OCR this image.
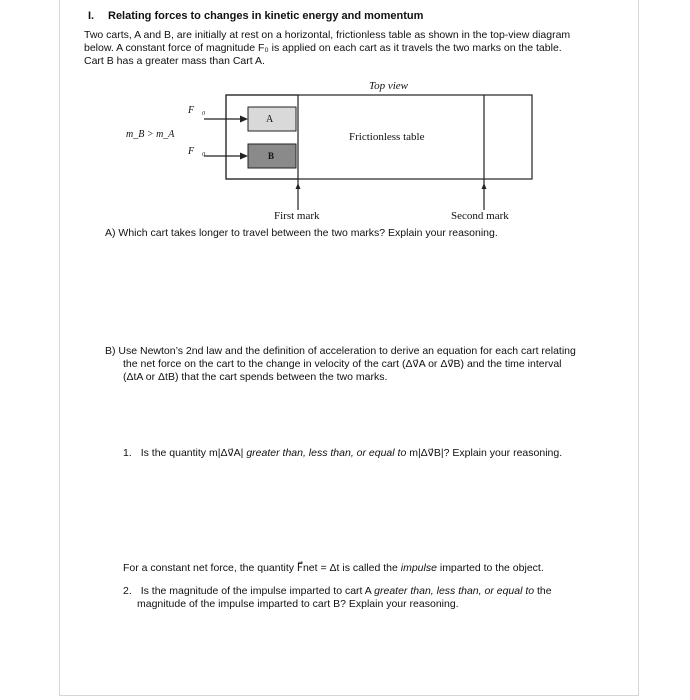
I. Relating forces to changes in kinetic energy and momentum
Two carts, A and B, are initially at rest on a horizontal, frictionless table as shown in the top-view diagram
below. A constant force of magnitude F₀ is applied on each cart as it travels the two marks on the table.
Cart B has a greater mass than Cart A.
Top view
F⃗₀
F⃗₀
m_B > m_A
A
B
Frictionless table
First mark	Second mark
A) Which cart takes longer to travel between the two marks? Explain your reasoning.
B) Use Newton’s 2nd law and the definition of acceleration to derive an equation for each cart relating
the net force on the cart to the change in velocity of the cart (Δv⃗A or Δv⃗B) and the time interval
(ΔtA or ΔtB) that the cart spends between the two marks.
1. Is the quantity m|Δv⃗A| greater than, less than, or equal to m|Δv⃗B|? Explain your reasoning.
For a constant net force, the quantity F⃗net = Δt is called the impulse imparted to the object.
2. Is the magnitude of the impulse imparted to cart A greater than, less than, or equal to the
magnitude of the impulse imparted to cart B? Explain your reasoning.
